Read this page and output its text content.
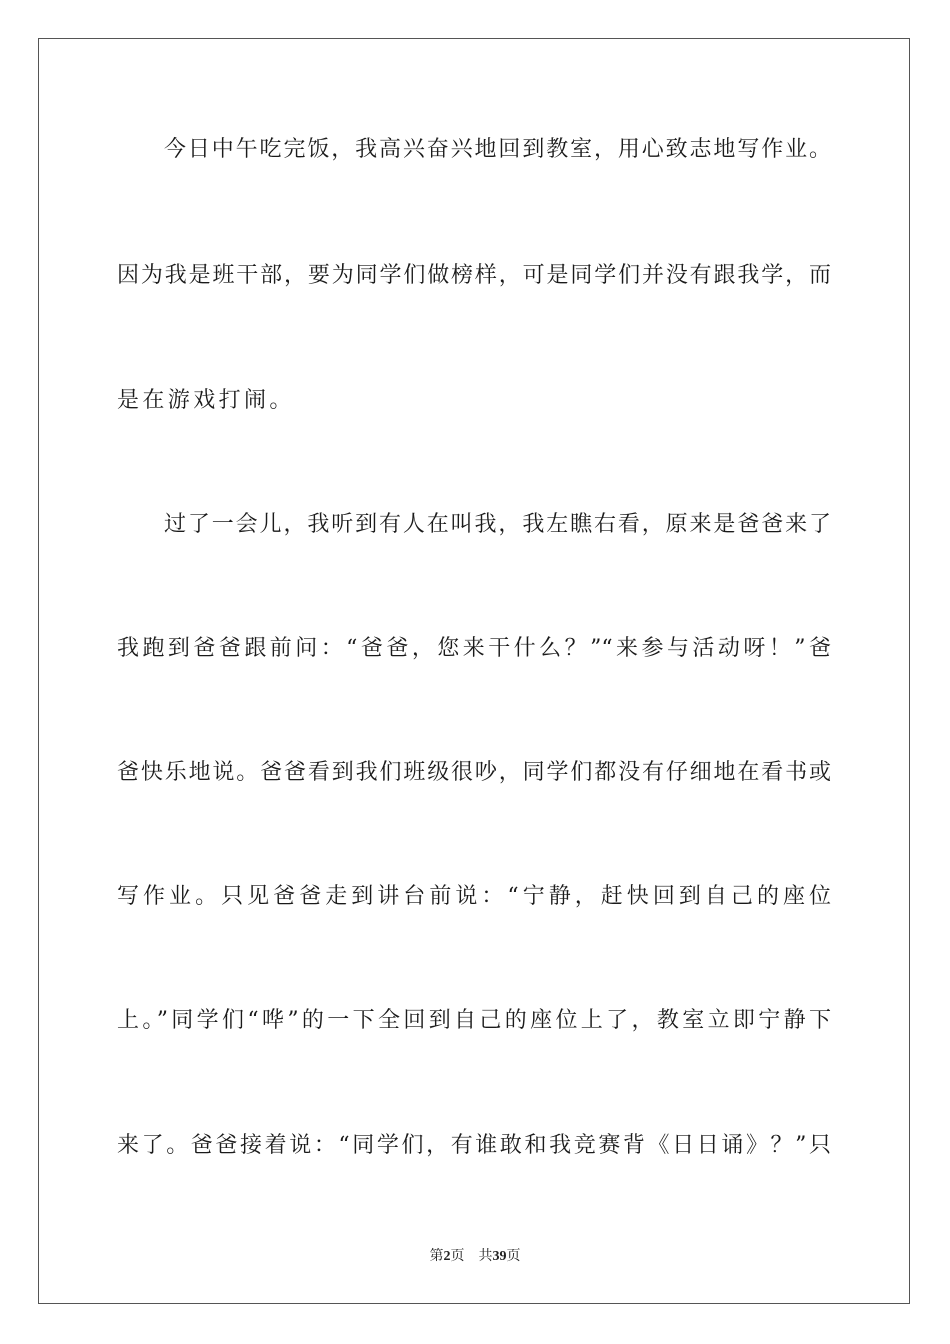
今日中午吃完饭，我高兴奋兴地回到教室，用心致志地写作业。
因为我是班干部，要为同学们做榜样，可是同学们并没有跟我学，而
是在游戏打闹。
过了一会儿，我听到有人在叫我，我左瞧右看，原来是爸爸来了
我跑到爸爸跟前问：“爸爸，您来干什么？”“来参与活动呀！”爸
爸快乐地说。爸爸看到我们班级很吵，同学们都没有仔细地在看书或
写作业。只见爸爸走到讲台前说：“宁静，赶快回到自己的座位
上。”同学们“哗”的一下全回到自己的座位上了，教室立即宁静下
来了。爸爸接着说：“同学们，有谁敢和我竞赛背《日日诵》？”只
第2页 共39页
